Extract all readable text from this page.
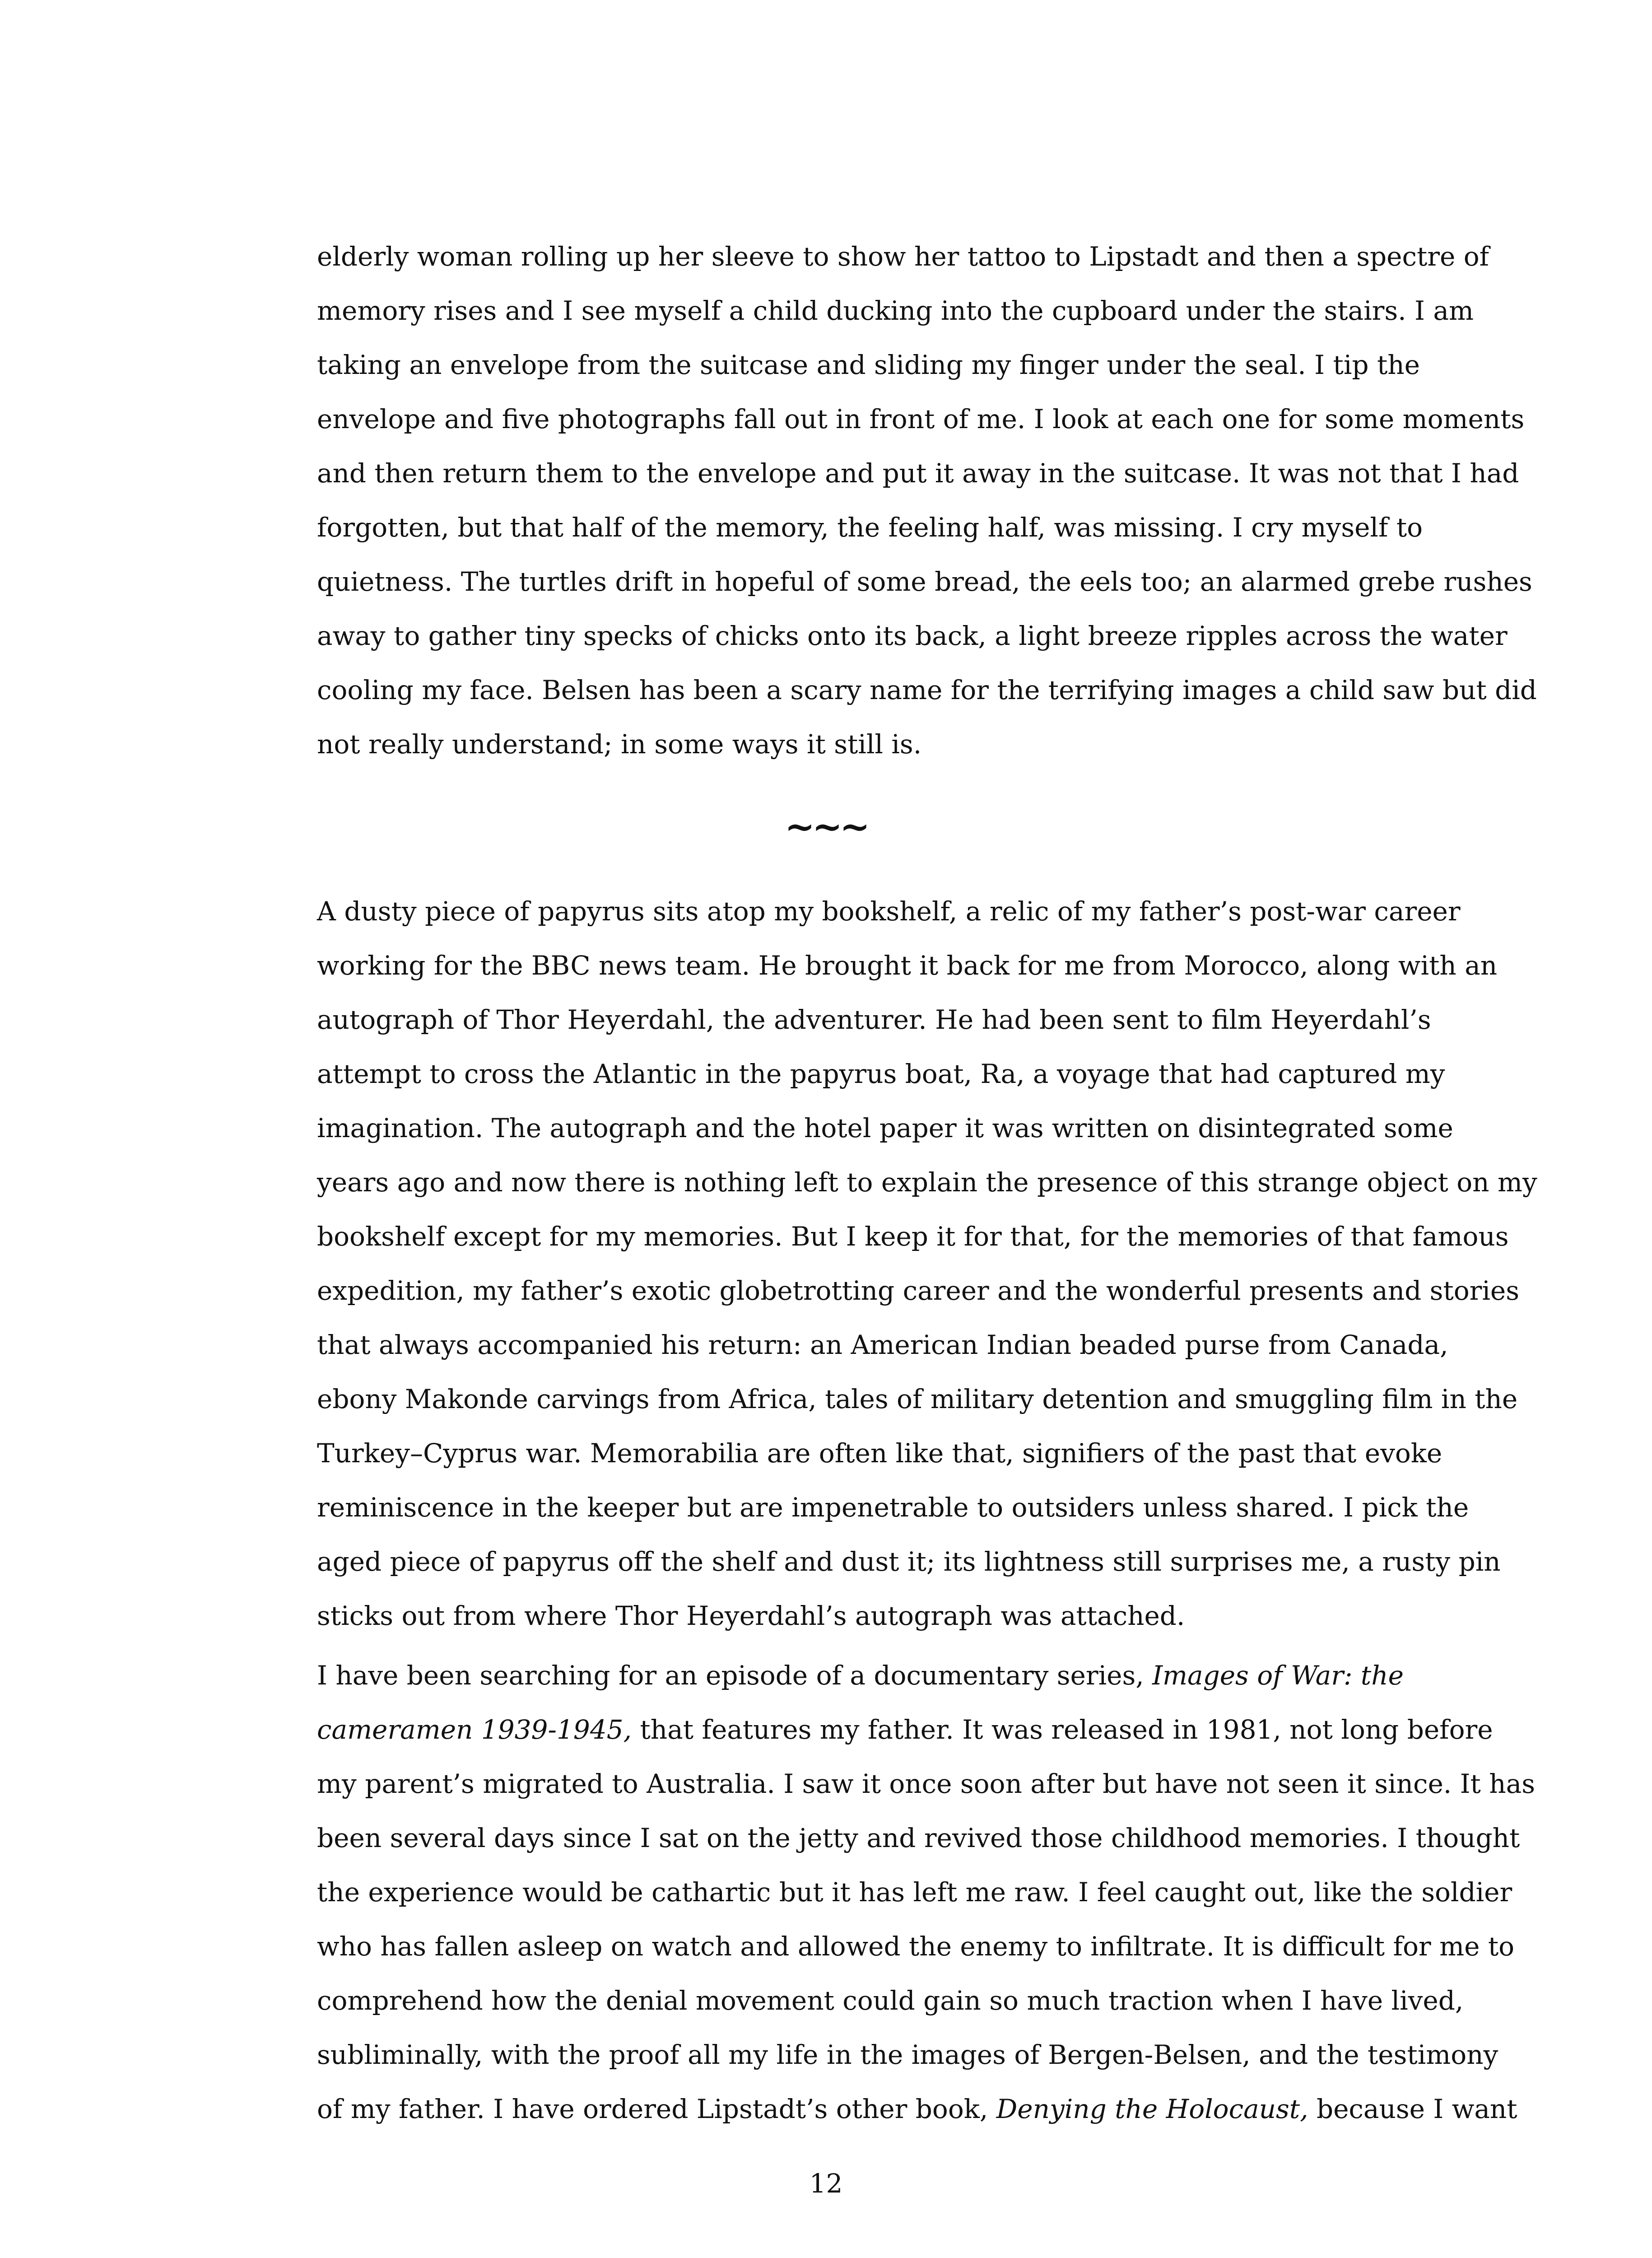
elderly woman rolling up her sleeve to show her tattoo to Lipstadt and then a spectre of
memory rises and I see myself a child ducking into the cupboard under the stairs. I am
taking an envelope from the suitcase and sliding my finger under the seal. I tip the
envelope and five photographs fall out in front of me. I look at each one for some moments
and then return them to the envelope and put it away in the suitcase. It was not that I had
forgotten, but that half of the memory, the feeling half, was missing. I cry myself to
quietness. The turtles drift in hopeful of some bread, the eels too; an alarmed grebe rushes
away to gather tiny specks of chicks onto its back, a light breeze ripples across the water
cooling my face. Belsen has been a scary name for the terrifying images a child saw but did
not really understand; in some ways it still is.
~~~
A dusty piece of papyrus sits atop my bookshelf, a relic of my father’s post-war career
working for the BBC news team. He brought it back for me from Morocco, along with an
autograph of Thor Heyerdahl, the adventurer. He had been sent to film Heyerdahl’s
attempt to cross the Atlantic in the papyrus boat, Ra, a voyage that had captured my
imagination. The autograph and the hotel paper it was written on disintegrated some
years ago and now there is nothing left to explain the presence of this strange object on my
bookshelf except for my memories. But I keep it for that, for the memories of that famous
expedition, my father’s exotic globetrotting career and the wonderful presents and stories
that always accompanied his return: an American Indian beaded purse from Canada,
ebony Makonde carvings from Africa, tales of military detention and smuggling film in the
Turkey–Cyprus war. Memorabilia are often like that, signifiers of the past that evoke
reminiscence in the keeper but are impenetrable to outsiders unless shared. I pick the
aged piece of papyrus off the shelf and dust it; its lightness still surprises me, a rusty pin
sticks out from where Thor Heyerdahl’s autograph was attached.
I have been searching for an episode of a documentary series, Images of War: the
cameramen 1939-1945, that features my father. It was released in 1981, not long before
my parent’s migrated to Australia. I saw it once soon after but have not seen it since. It has
been several days since I sat on the jetty and revived those childhood memories. I thought
the experience would be cathartic but it has left me raw. I feel caught out, like the soldier
who has fallen asleep on watch and allowed the enemy to infiltrate. It is difficult for me to
comprehend how the denial movement could gain so much traction when I have lived,
subliminally, with the proof all my life in the images of Bergen-Belsen, and the testimony
of my father. I have ordered Lipstadt’s other book, Denying the Holocaust, because I want
12
